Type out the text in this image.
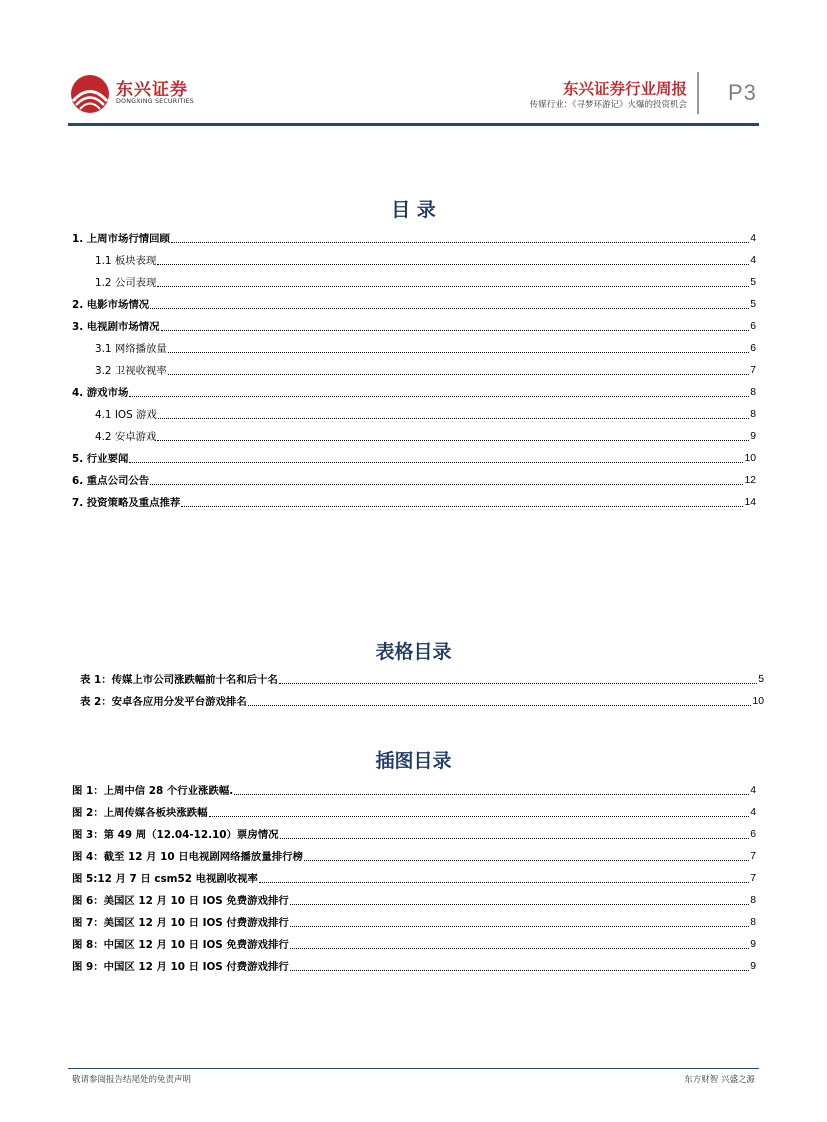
东兴证券
DONGXING SECURITIES
东兴证券行业周报
传媒行业：《寻梦环游记》火爆的投资机会 P3
目 录
1. 上周市场行情回顾	4
1.1 板块表现	4
1.2 公司表现	5
2. 电影市场情况	5
3. 电视剧市场情况	6
3.1 网络播放量	6
3.2 卫视收视率	7
4. 游戏市场	8
4.1 IOS 游戏	8
4.2 安卓游戏	9
5. 行业要闻	10
6. 重点公司公告	12
7. 投资策略及重点推荐	14
表格目录
表 1：传媒上市公司涨跌幅前十名和后十名	5
表 2：安卓各应用分发平台游戏排名	10
插图目录
图 1：上周中信 28 个行业涨跌幅.	4
图 2：上周传媒各板块涨跌幅	4
图 3：第 49 周（12.04-12.10）票房情况	6
图 4：截至 12 月 10 日电视剧网络播放量排行榜	7
图 5:12 月 7 日 csm52 电视剧收视率	7
图 6：美国区 12 月 10 日 IOS 免费游戏排行	8
图 7：美国区 12 月 10 日 IOS 付费游戏排行	8
图 8：中国区 12 月 10 日 IOS 免费游戏排行	9
图 9：中国区 12 月 10 日 IOS 付费游戏排行	9
敬请参阅报告结尾处的免责声明	东方财智 兴盛之源
